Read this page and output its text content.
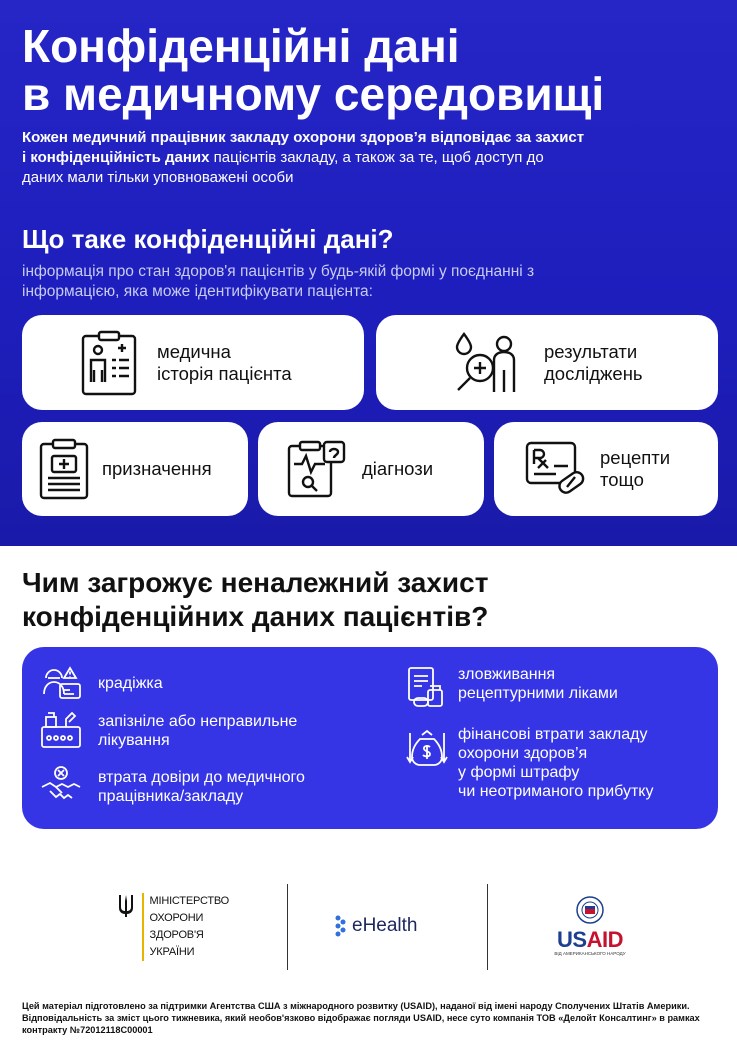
Конфіденційні дані
в медичному середовищі
Кожен медичний працівник закладу охорони здоров’я відповідає за захист
і конфіденційність даних пацієнтів закладу, а також за те, щоб доступ до
даних мали тільки уповноважені особи
Що таке конфіденційні дані?
інформація про стан здоров'я пацієнтів у будь-якій формі у поєднанні з
інформацією, яка може ідентифікувати пацієнта:
медична
історія пацієнта
результати
досліджень
призначення	діагнози
рецепти
тощо
Чим загрожує неналежний захист
конфіденційних даних пацієнтів?
крадіжка
запізніле або неправильне
лікування
втрата довіри до медичного
працівника/закладу
зловживання
рецептурними ліками
фінансові втрати закладу
охорони здоров’я
у формі штрафу
чи неотриманого прибутку
МІНІСТЕРСТВО
ОХОРОНИ
ЗДОРОВ'Я
УКРАЇНИ
eHealth
USAID
ВІД АМЕРИКАНСЬКОГО НАРОДУ
Цей матеріал підготовлено за підтримки Агентства США з міжнародного розвитку (USAID), наданої від імені народу Сполучених Штатів Америки. Відповідальність за зміст цього тижневика, який необов'язково відображає погляди USAID, несе суто компанія ТОВ «Делойт Консалтинг» в рамках контракту №72012118C00001
